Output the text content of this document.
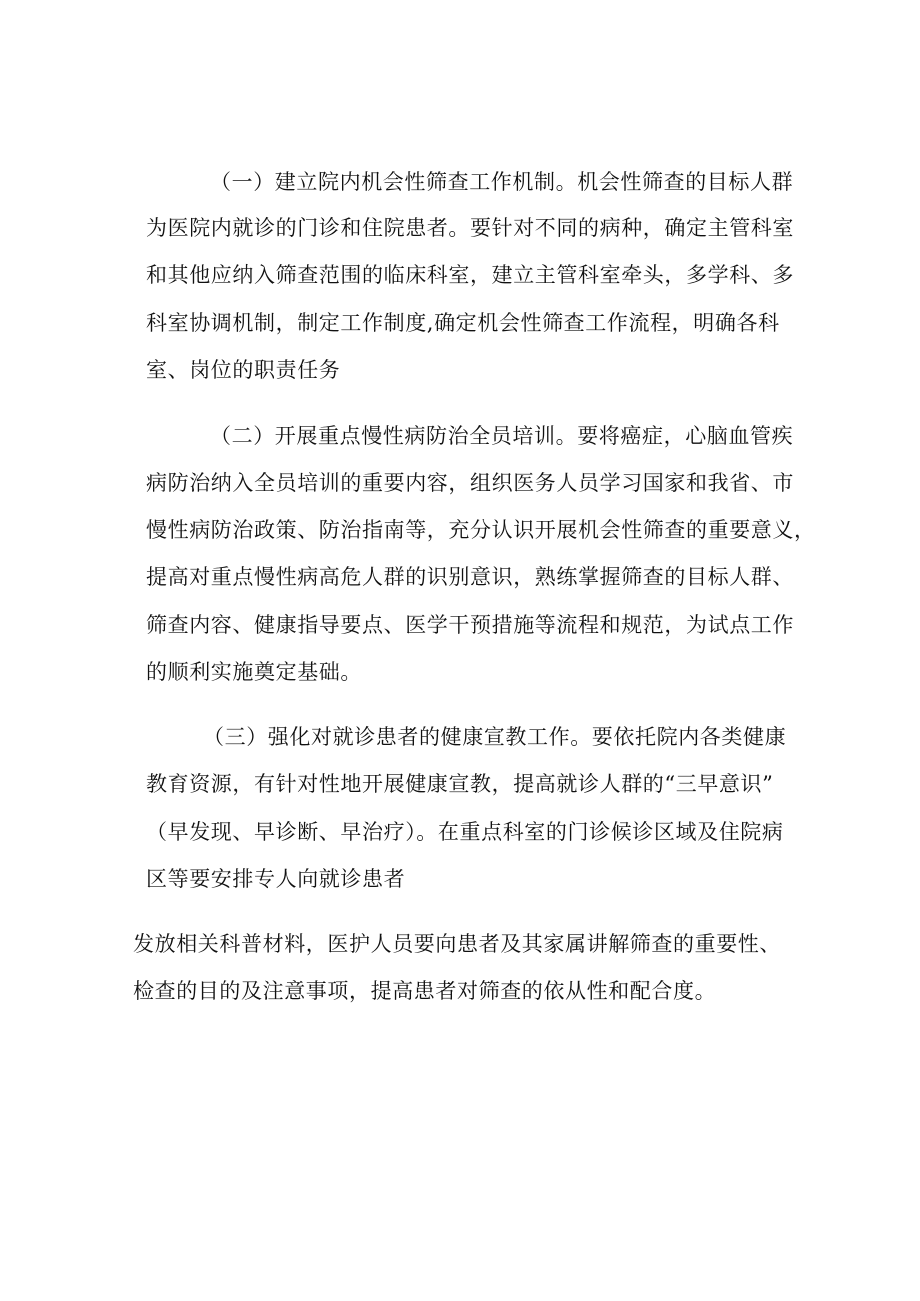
（一）建立院内机会性筛查工作机制。机会性筛查的目标人群
为医院内就诊的门诊和住院患者。要针对不同的病种，确定主管科室
和其他应纳入筛查范围的临床科室，建立主管科室牵头，多学科、多
科室协调机制，制定工作制度,确定机会性筛查工作流程，明确各科
室、岗位的职责任务
（二）开展重点慢性病防治全员培训。要将癌症，心脑血管疾
病防治纳入全员培训的重要内容，组织医务人员学习国家和我省、市
慢性病防治政策、防治指南等，充分认识开展机会性筛查的重要意义，
提高对重点慢性病高危人群的识别意识，熟练掌握筛查的目标人群、
筛查内容、健康指导要点、医学干预措施等流程和规范，为试点工作
的顺利实施奠定基础。
（三）强化对就诊患者的健康宣教工作。要依托院内各类健康
教育资源，有针对性地开展健康宣教，提高就诊人群的“三早意识”
（早发现、早诊断、早治疗）。在重点科室的门诊候诊区域及住院病
区等要安排专人向就诊患者
发放相关科普材料，医护人员要向患者及其家属讲解筛查的重要性、
检查的目的及注意事项，提高患者对筛查的依从性和配合度。
